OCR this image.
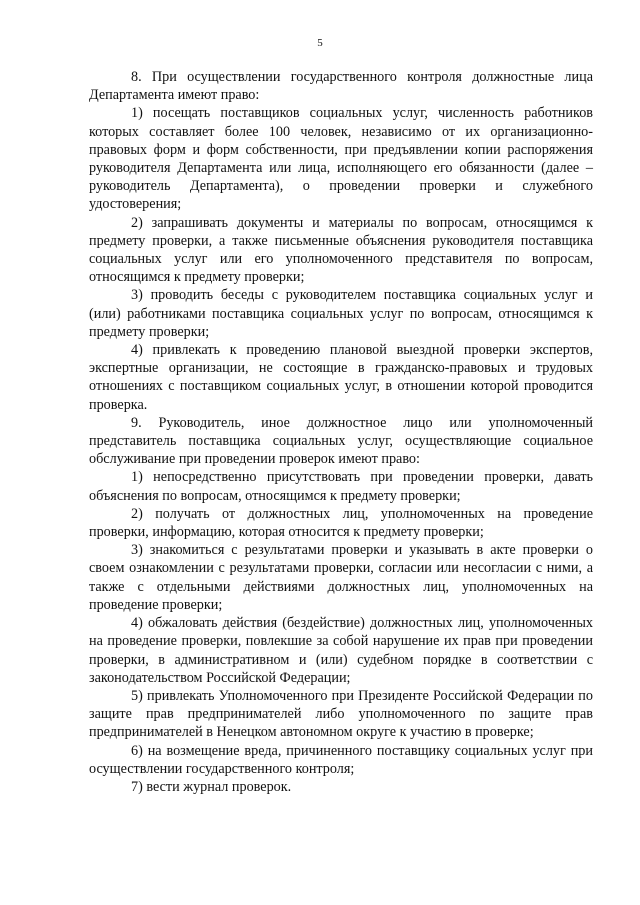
5

8. При осуществлении государственного контроля должностные лица Департамента имеют право:

1) посещать поставщиков социальных услуг, численность работников которых составляет более 100 человек, независимо от их организационно-правовых форм и форм собственности, при предъявлении копии распоряжения руководителя Департамента или лица, исполняющего его обязанности (далее – руководитель Департамента), о проведении проверки и служебного удостоверения;

2) запрашивать документы и материалы по вопросам, относящимся к предмету проверки, а также письменные объяснения руководителя поставщика социальных услуг или его уполномоченного представителя по вопросам, относящимся к предмету проверки;

3) проводить беседы с руководителем поставщика социальных услуг и (или) работниками поставщика социальных услуг по вопросам, относящимся к предмету проверки;

4) привлекать к проведению плановой выездной проверки экспертов, экспертные организации, не состоящие в гражданско-правовых и трудовых отношениях с поставщиком социальных услуг, в отношении которой проводится проверка.

9. Руководитель, иное должностное лицо или уполномоченный представитель поставщика социальных услуг, осуществляющие социальное обслуживание при проведении проверок имеют право:

1) непосредственно присутствовать при проведении проверки, давать объяснения по вопросам, относящимся к предмету проверки;

2) получать от должностных лиц, уполномоченных на проведение проверки, информацию, которая относится к предмету проверки;

3) знакомиться с результатами проверки и указывать в акте проверки о своем ознакомлении с результатами проверки, согласии или несогласии с ними, а также с отдельными действиями должностных лиц, уполномоченных на проведение проверки;

4) обжаловать действия (бездействие) должностных лиц, уполномоченных на проведение проверки, повлекшие за собой нарушение их прав при проведении проверки, в административном и (или) судебном порядке в соответствии с законодательством Российской Федерации;

5) привлекать Уполномоченного при Президенте Российской Федерации по защите прав предпринимателей либо уполномоченного по защите прав предпринимателей в Ненецком автономном округе к участию в проверке;

6) на возмещение вреда, причиненного поставщику социальных услуг при осуществлении государственного контроля;

7) вести журнал проверок.
